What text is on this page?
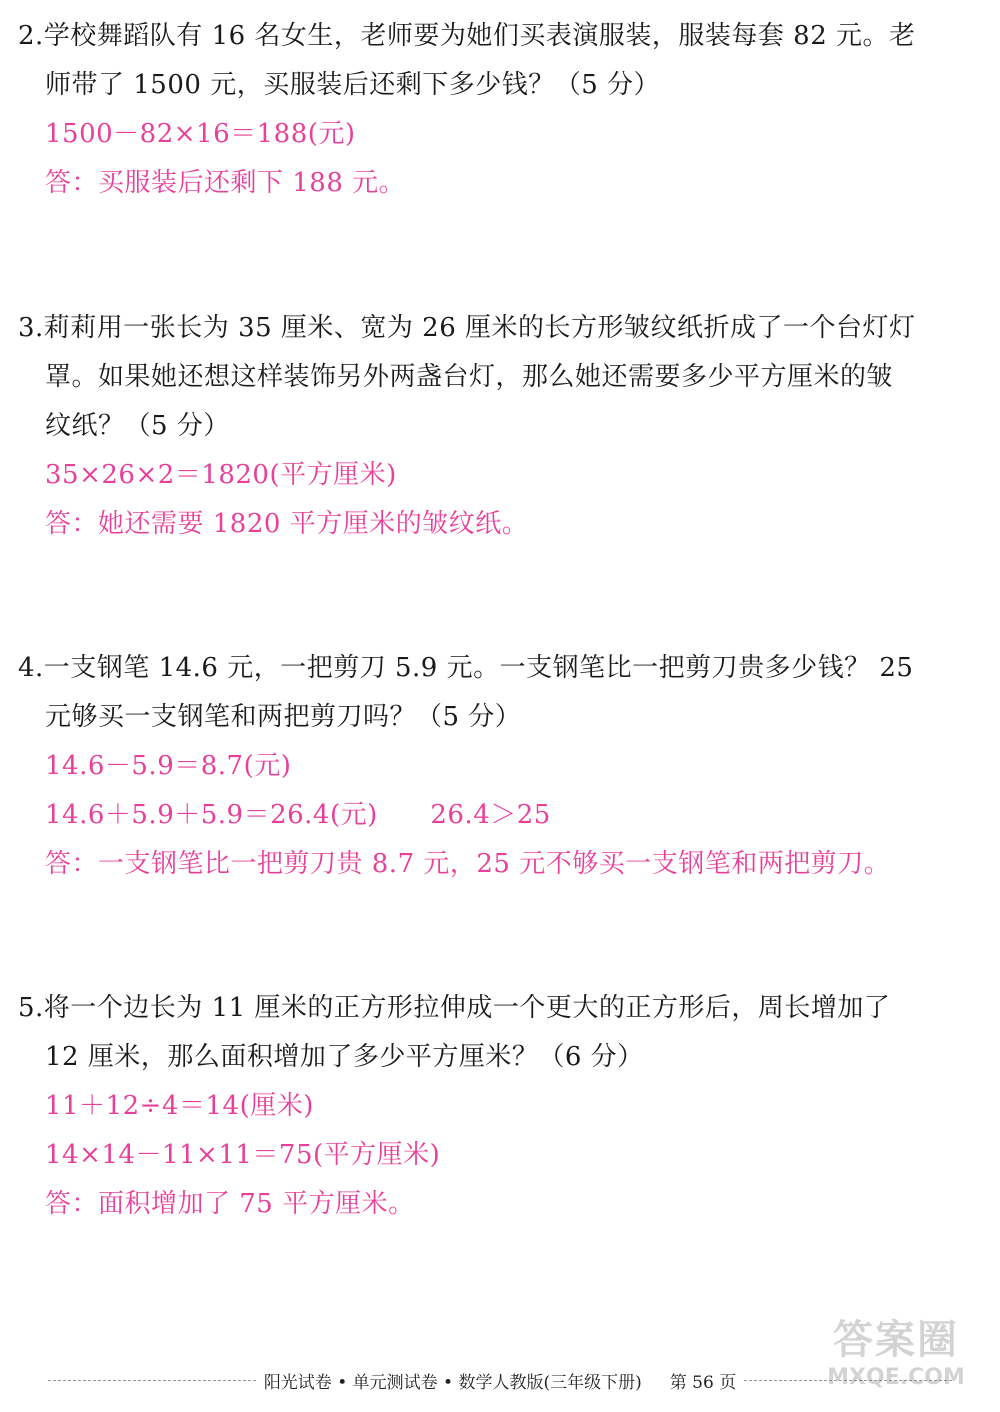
2.学校舞蹈队有 16 名女生，老师要为她们买表演服装，服装每套 82 元。老
师带了 1500 元，买服装后还剩下多少钱？（5 分）
1500－82×16＝188(元)
答：买服装后还剩下 188 元。
3.莉莉用一张长为 35 厘米、宽为 26 厘米的长方形皱纹纸折成了一个台灯灯
罩。如果她还想这样装饰另外两盏台灯，那么她还需要多少平方厘米的皱
纹纸？（5 分）
35×26×2＝1820(平方厘米)
答：她还需要 1820 平方厘米的皱纹纸。
4.一支钢笔 14.6 元，一把剪刀 5.9 元。一支钢笔比一把剪刀贵多少钱？ 25
元够买一支钢笔和两把剪刀吗？（5 分）
14.6－5.9＝8.7(元)
14.6＋5.9＋5.9＝26.4(元)      26.4＞25
答：一支钢笔比一把剪刀贵 8.7 元，25 元不够买一支钢笔和两把剪刀。
5.将一个边长为 11 厘米的正方形拉伸成一个更大的正方形后，周长增加了
12 厘米，那么面积增加了多少平方厘米？（6 分）
11＋12÷4＝14(厘米)
14×14－11×11＝75(平方厘米)
答：面积增加了 75 平方厘米。
阳光试卷 • 单元测试卷 • 数学人教版(三年级下册) 第 56 页
答案圈
MXQE.COM
